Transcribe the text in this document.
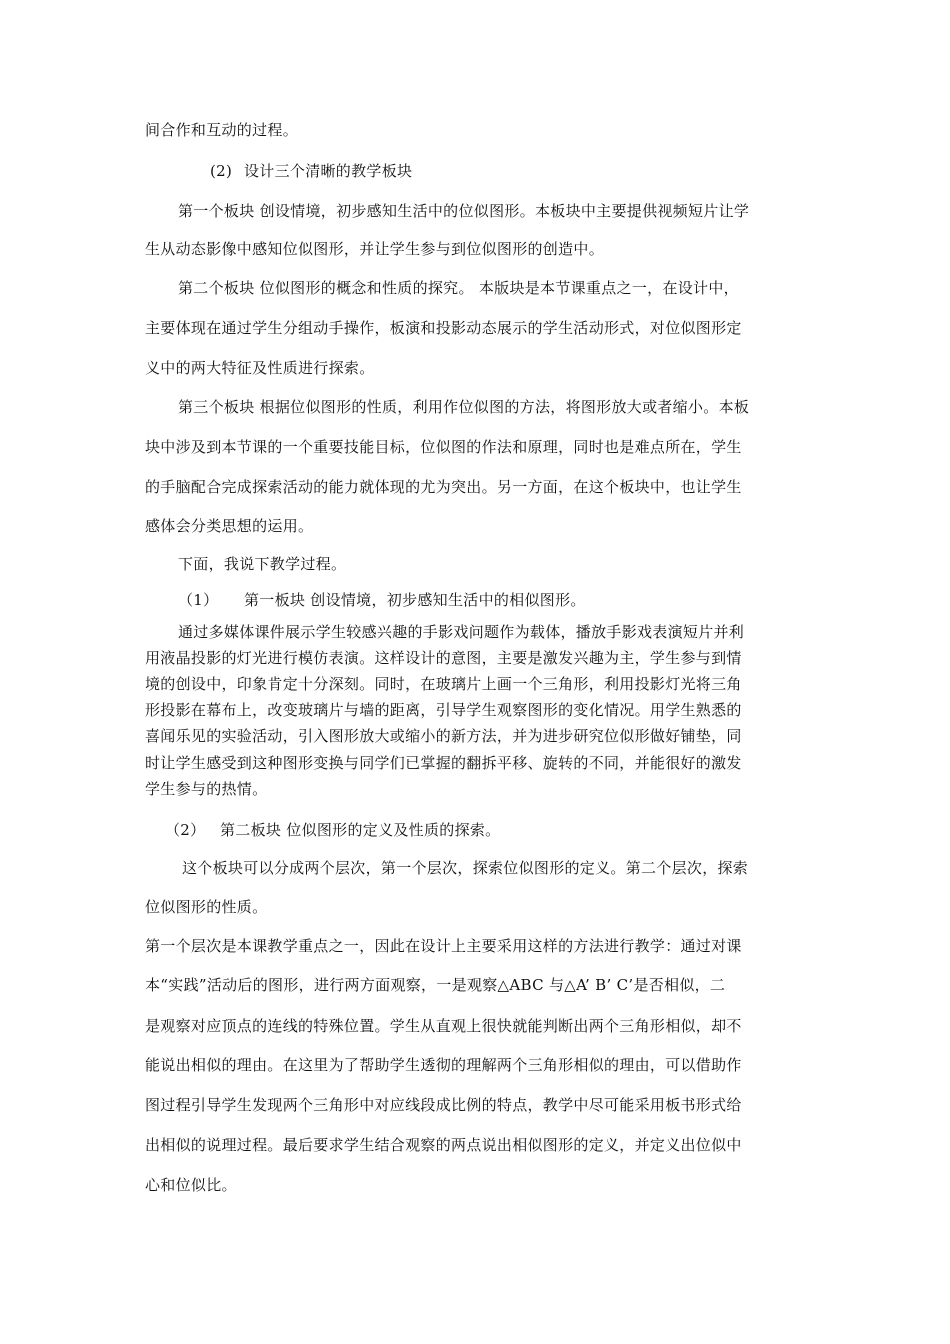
间合作和互动的过程。
(2) 设计三个清晰的教学板块
第一个板块 创设情境，初步感知生活中的位似图形。本板块中主要提供视频短片让学
生从动态影像中感知位似图形，并让学生参与到位似图形的创造中。
第二个板块 位似图形的概念和性质的探究。 本版块是本节课重点之一，在设计中，
主要体现在通过学生分组动手操作，板演和投影动态展示的学生活动形式，对位似图形定
义中的两大特征及性质进行探索。
第三个板块 根据位似图形的性质，利用作位似图的方法，将图形放大或者缩小。本板
块中涉及到本节课的一个重要技能目标，位似图的作法和原理，同时也是难点所在，学生
的手脑配合完成探索活动的能力就体现的尤为突出。另一方面，在这个板块中，也让学生
感体会分类思想的运用。
下面，我说下教学过程。
（1） 第一板块 创设情境，初步感知生活中的相似图形。
通过多媒体课件展示学生较感兴趣的手影戏问题作为载体，播放手影戏表演短片并利
用液晶投影的灯光进行模仿表演。这样设计的意图，主要是激发兴趣为主，学生参与到情
境的创设中，印象肯定十分深刻。同时，在玻璃片上画一个三角形，利用投影灯光将三角
形投影在幕布上，改变玻璃片与墙的距离，引导学生观察图形的变化情况。用学生熟悉的
喜闻乐见的实验活动，引入图形放大或缩小的新方法，并为进步研究位似形做好铺垫，同
时让学生感受到这种图形变换与同学们已掌握的翻拆平移、旋转的不同，并能很好的激发
学生参与的热情。
（2） 第二板块 位似图形的定义及性质的探索。
这个板块可以分成两个层次，第一个层次，探索位似图形的定义。第二个层次，探索
位似图形的性质。
第一个层次是本课教学重点之一，因此在设计上主要采用这样的方法进行教学：通过对课
本“实践”活动后的图形，进行两方面观察，一是观察△ABC 与△A’ B’ C’是否相似，二
是观察对应顶点的连线的特殊位置。学生从直观上很快就能判断出两个三角形相似，却不
能说出相似的理由。在这里为了帮助学生透彻的理解两个三角形相似的理由，可以借助作
图过程引导学生发现两个三角形中对应线段成比例的特点，教学中尽可能采用板书形式给
出相似的说理过程。最后要求学生结合观察的两点说出相似图形的定义，并定义出位似中
心和位似比。
